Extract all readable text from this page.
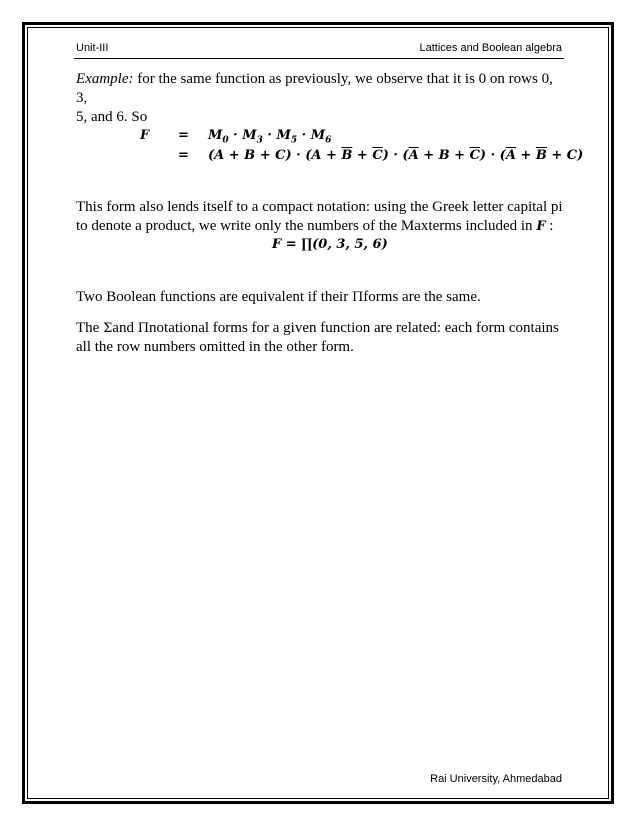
Unit-III	Lattices and Boolean algebra
Example: for the same function as previously, we observe that it is 0 on rows 0, 3,
5, and 6. So
$F = M_0 \cdot M_3 \cdot M_5 \cdot M_6$
= $(A + B + C) \cdot (A + \overline{B} + \overline{C}) \cdot (\overline{A} + B + \overline{C}) \cdot (\overline{A} + \overline{B} + C)$
This form also lends itself to a compact notation: using the Greek letter capital pi
to denote a product, we write only the numbers of the Maxterms included in F :
F = ∏(0, 3, 5, 6)
Two Boolean functions are equivalent if their Πforms are the same.
The Σand Πnotational forms for a given function are related: each form contains
all the row numbers omitted in the other form.
Rai University, Ahmedabad
